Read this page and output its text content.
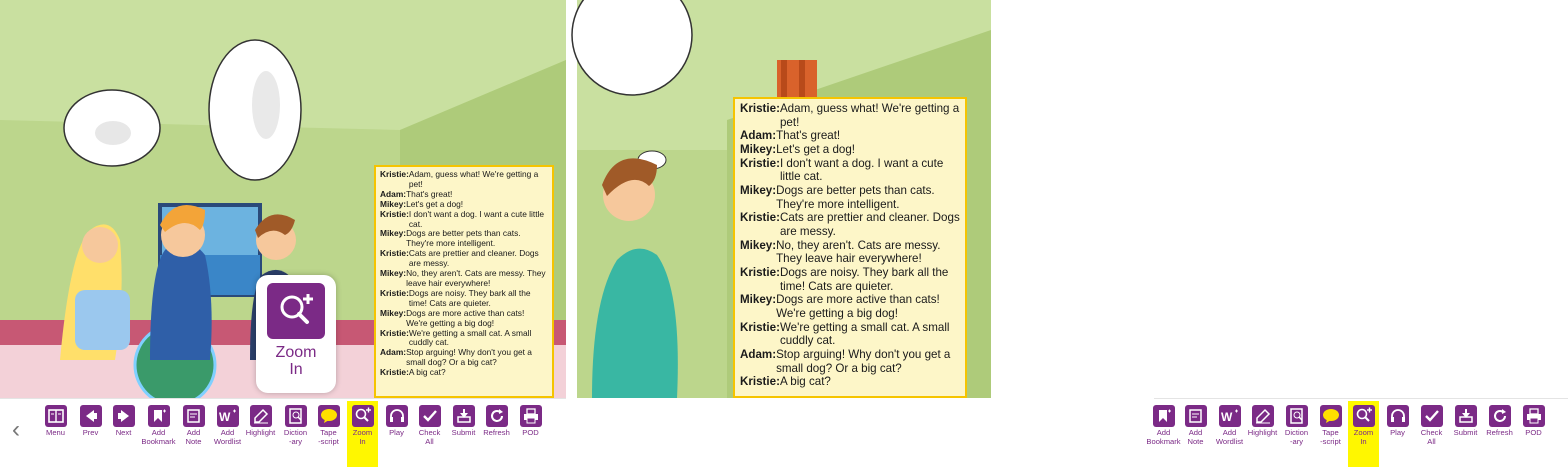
Kristie: Adam, guess what! We're getting a pet!
Adam: That's great!
Mikey: Let's get a dog!
Kristie: I don't want a dog. I want a cute little cat.
Mikey: Dogs are better pets than cats. They're more intelligent.
Kristie: Cats are prettier and cleaner. Dogs are messy.
Mikey: No, they aren't. Cats are messy. They leave hair everywhere!
Kristie: Dogs are noisy. They bark all the time! Cats are quieter.
Mikey: Dogs are more active than cats! We're getting a big dog!
Kristie: We're getting a small cat. A small cuddly cat.
Adam: Stop arguing! Why don't you get a small dog? Or a big cat?
Kristie: A big cat?
Zoom In
‹	Menu Prev Next	Add
Bookmark
Add
Note
W
Add
Wordlist
Highlight Diction
-ary
Tape
-script
Zoom
In
Play Check
All
Submit Refresh POD	Add
Bookmark
Add
Note
W
Add
Wordlist
Highlight Diction
-ary
Tape
-script
Zoom
In
Play Check
All
Submit Refresh POD
Kristie: Adam, guess what! We're getting a pet!
Adam: That's great!
Mikey: Let's get a dog!
Kristie: I don't want a dog. I want a cute little cat.
Mikey: Dogs are better pets than cats. They're more intelligent.
Kristie: Cats are prettier and cleaner. Dogs are messy.
Mikey: No, they aren't. Cats are messy. They leave hair everywhere!
Kristie: Dogs are noisy. They bark all the time! Cats are quieter.
Mikey: Dogs are more active than cats! We're getting a big dog!
Kristie: We're getting a small cat. A small cuddly cat.
Adam: Stop arguing! Why don't you get a small dog? Or a big cat?
Kristie: A big cat?
